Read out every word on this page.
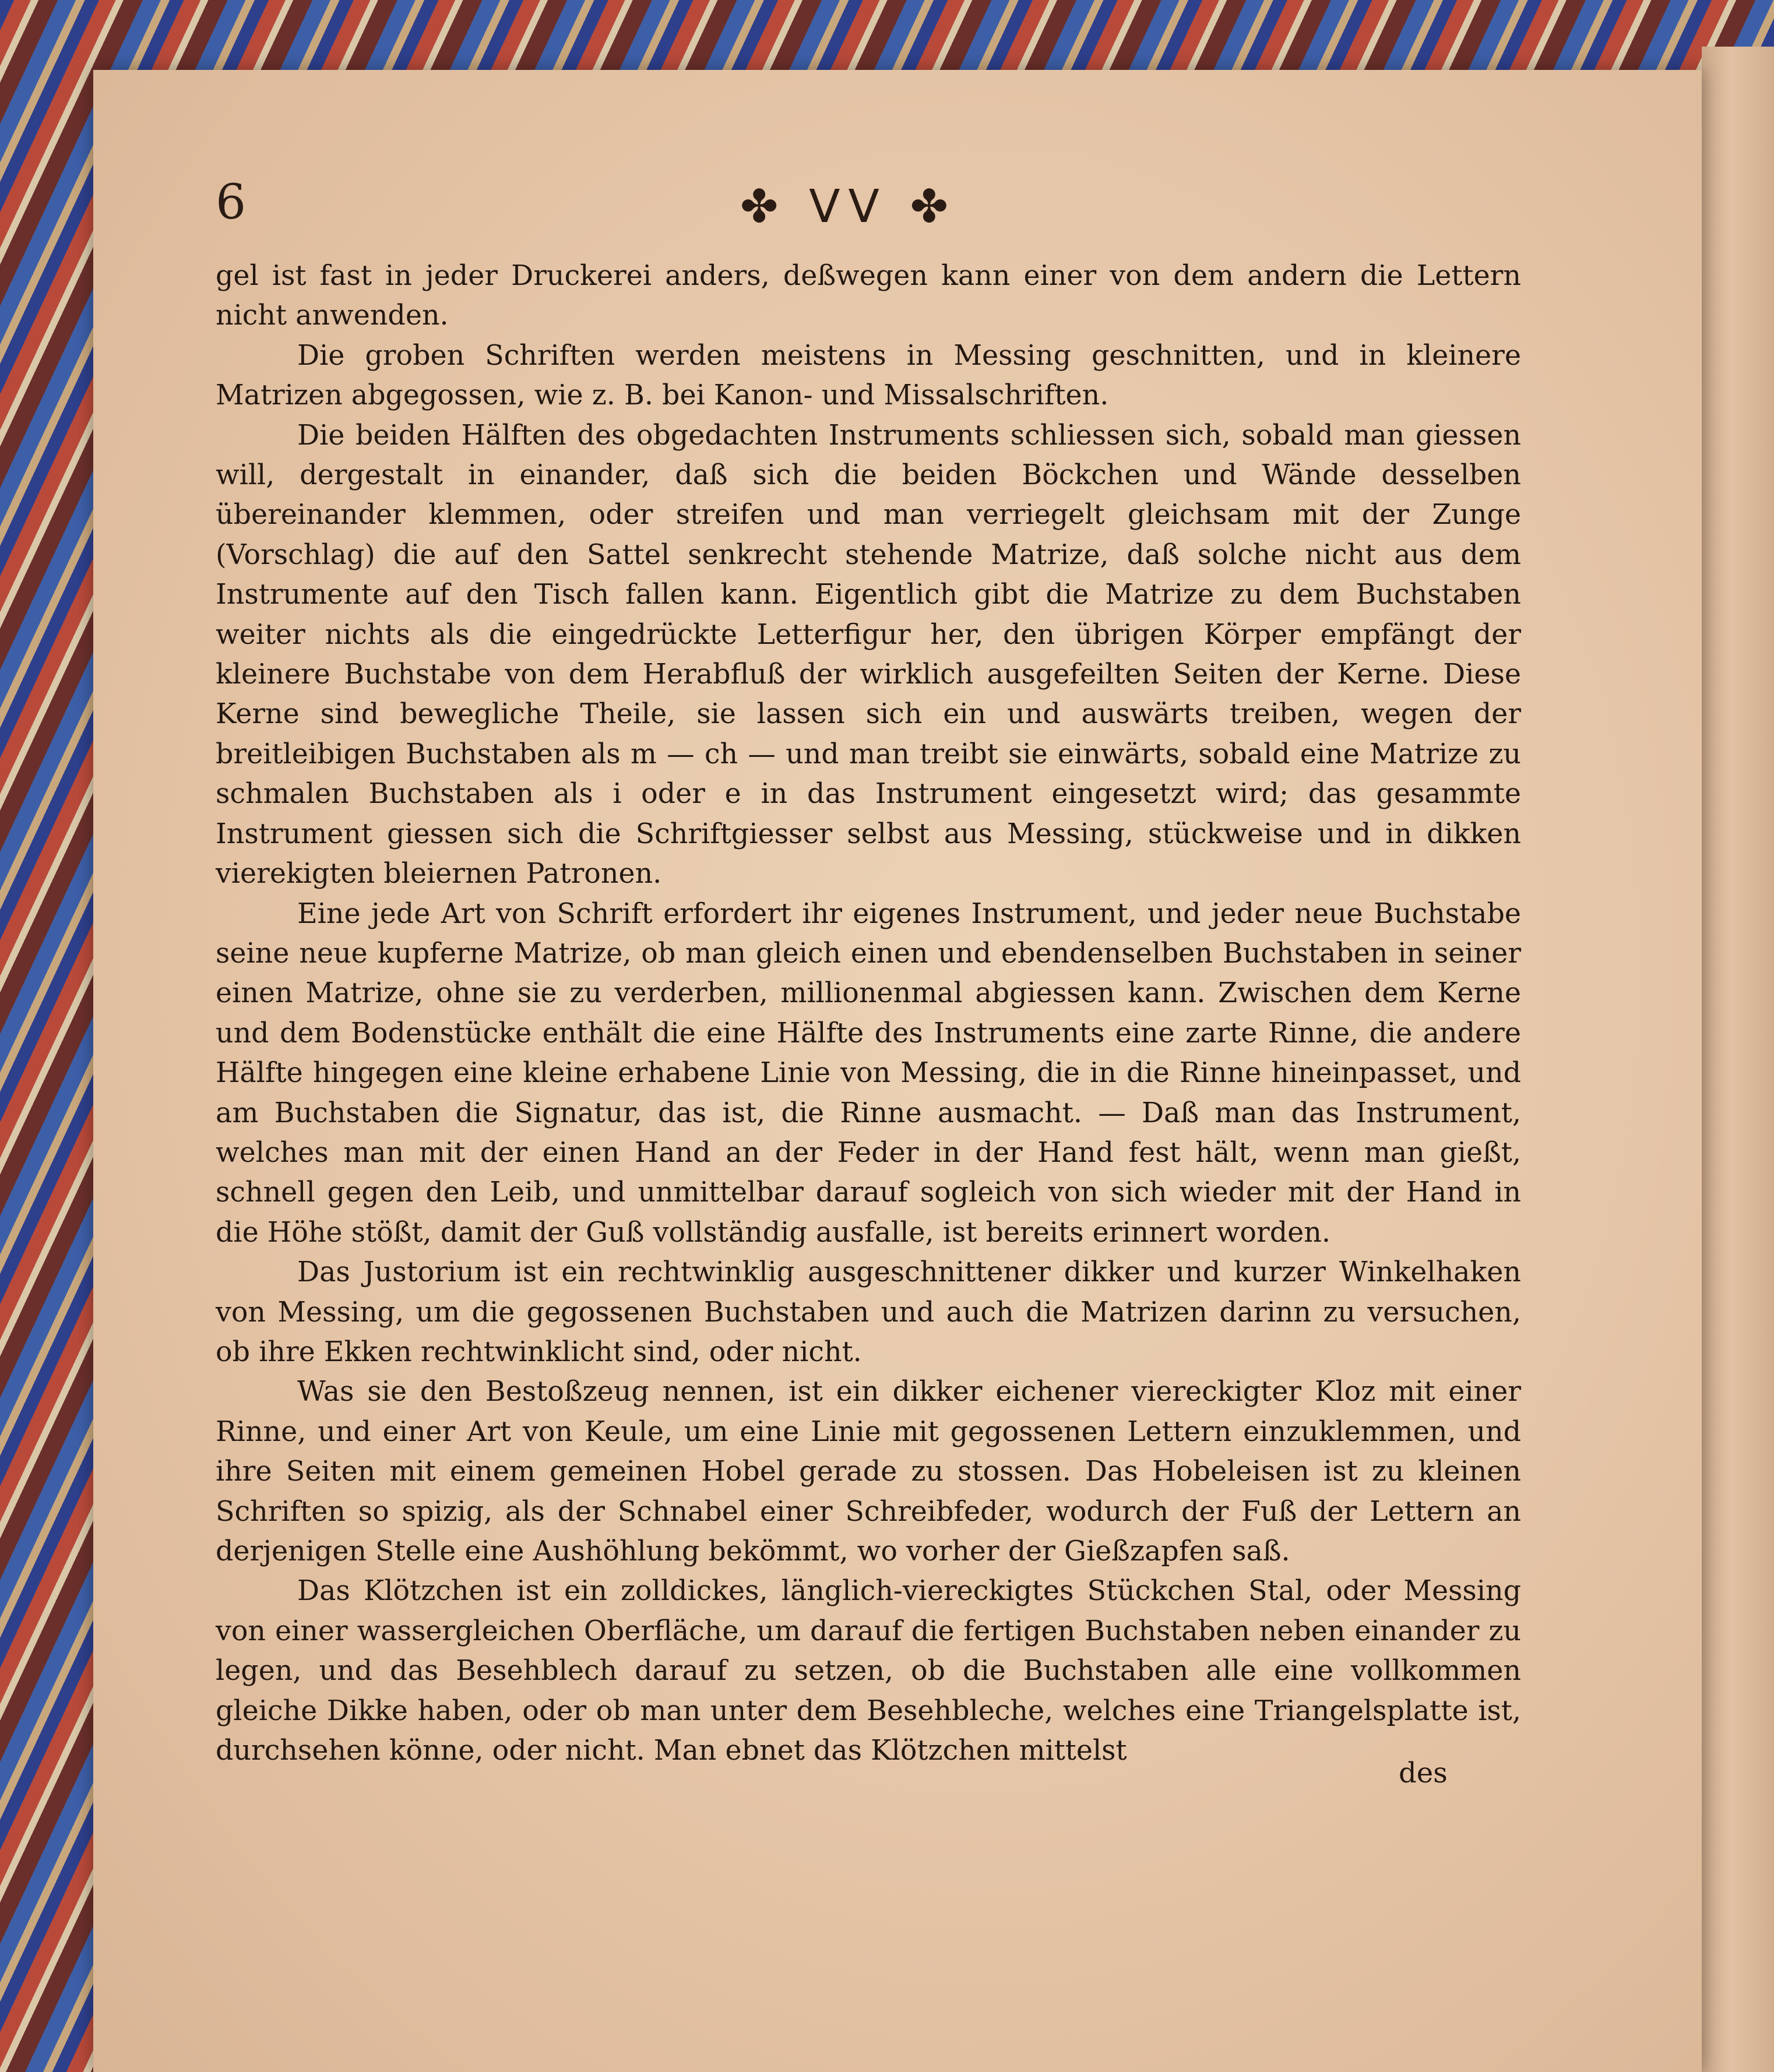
6	✤ ᐯᐯ ✤

gel ist fast in jeder Druckerei anders, deßwegen kann einer von dem andern die Lettern nicht anwenden.

Die groben Schriften werden meistens in Messing geschnitten, und in kleinere Matrizen abgegossen, wie z. B. bei Kanon- und Missalschriften.

Die beiden Hälften des obgedachten Instruments schliessen sich, sobald man giessen will, dergestalt in einander, daß sich die beiden Böckchen und Wände desselben übereinander klemmen, oder streifen und man verriegelt gleichsam mit der Zunge (Vorschlag) die auf den Sattel senkrecht stehende Matrize, daß solche nicht aus dem Instrumente auf den Tisch fallen kann. Eigentlich gibt die Matrize zu dem Buchstaben weiter nichts als die eingedrückte Letterfigur her, den übrigen Körper empfängt der kleinere Buchstabe von dem Herabfluß der wirklich ausgefeilten Seiten der Kerne. Diese Kerne sind bewegliche Theile, sie lassen sich ein und auswärts treiben, wegen der breitleibigen Buchstaben als m — ch — und man treibt sie einwärts, sobald eine Matrize zu schmalen Buchstaben als i oder e in das Instrument eingesetzt wird; das gesammte Instrument giessen sich die Schriftgiesser selbst aus Messing, stückweise und in dikken vierekigten bleiernen Patronen.

Eine jede Art von Schrift erfordert ihr eigenes Instrument, und jeder neue Buchstabe seine neue kupferne Matrize, ob man gleich einen und ebendenselben Buchstaben in seiner einen Matrize, ohne sie zu verderben, millionenmal abgiessen kann. Zwischen dem Kerne und dem Bodenstücke enthält die eine Hälfte des Instruments eine zarte Rinne, die andere Hälfte hingegen eine kleine erhabene Linie von Messing, die in die Rinne hineinpasset, und am Buchstaben die Signatur, das ist, die Rinne ausmacht. — Daß man das Instrument, welches man mit der einen Hand an der Feder in der Hand fest hält, wenn man gießt, schnell gegen den Leib, und unmittelbar darauf sogleich von sich wieder mit der Hand in die Höhe stößt, damit der Guß vollständig ausfalle, ist bereits erinnert worden.

Das Justorium ist ein rechtwinklig ausgeschnittener dikker und kurzer Winkelhaken von Messing, um die gegossenen Buchstaben und auch die Matrizen darinn zu versuchen, ob ihre Ekken rechtwinklicht sind, oder nicht.

Was sie den Bestoßzeug nennen, ist ein dikker eichener viereckigter Kloz mit einer Rinne, und einer Art von Keule, um eine Linie mit gegossenen Lettern einzuklemmen, und ihre Seiten mit einem gemeinen Hobel gerade zu stossen. Das Hobeleisen ist zu kleinen Schriften so spizig, als der Schnabel einer Schreibfeder, wodurch der Fuß der Lettern an derjenigen Stelle eine Aushöhlung bekömmt, wo vorher der Gießzapfen saß.

Das Klötzchen ist ein zolldickes, länglich-viereckigtes Stückchen Stal, oder Messing von einer wassergleichen Oberfläche, um darauf die fertigen Buchstaben neben einander zu legen, und das Besehblech darauf zu setzen, ob die Buchstaben alle eine vollkommen gleiche Dikke haben, oder ob man unter dem Besehbleche, welches eine Triangelsplatte ist, durchsehen könne, oder nicht. Man ebnet das Klötzchen mittelst

des
